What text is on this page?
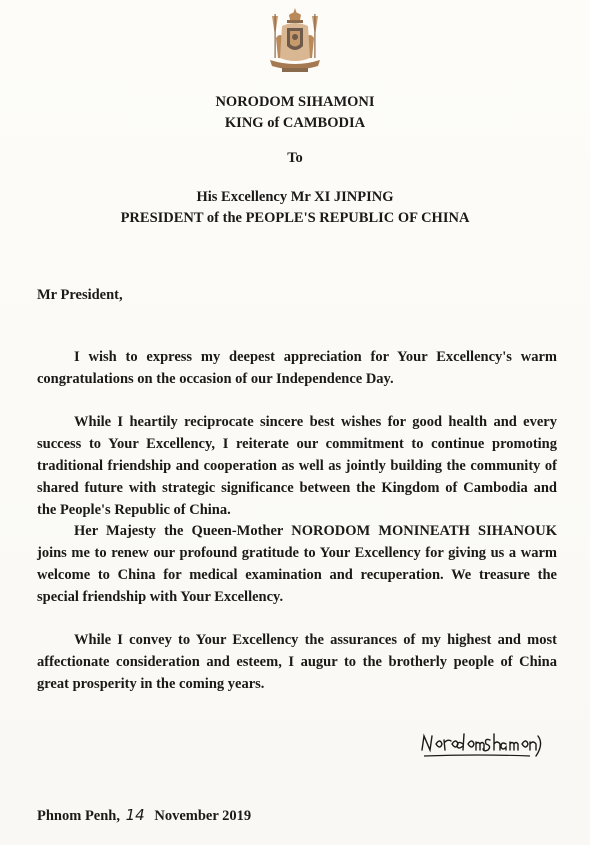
NORODOM SIHAMONI
KING of CAMBODIA
To
His Excellency Mr XI JINPING
PRESIDENT of the PEOPLE'S REPUBLIC OF CHINA
Mr President,

I wish to express my deepest appreciation for Your Excellency's warm congratulations on the occasion of our Independence Day.

While I heartily reciprocate sincere best wishes for good health and every success to Your Excellency, I reiterate our commitment to continue promoting traditional friendship and cooperation as well as jointly building the community of shared future with strategic significance between the Kingdom of Cambodia and the People's Republic of China.

Her Majesty the Queen-Mother NORODOM MONINEATH SIHANOUK joins me to renew our profound gratitude to Your Excellency for giving us a warm welcome to China for medical examination and recuperation. We treasure the special friendship with Your Excellency.

While I convey to Your Excellency the assurances of my highest and most affectionate consideration and esteem, I augur to the brotherly people of China great prosperity in the coming years.

Phnom Penh, 14 November 2019
